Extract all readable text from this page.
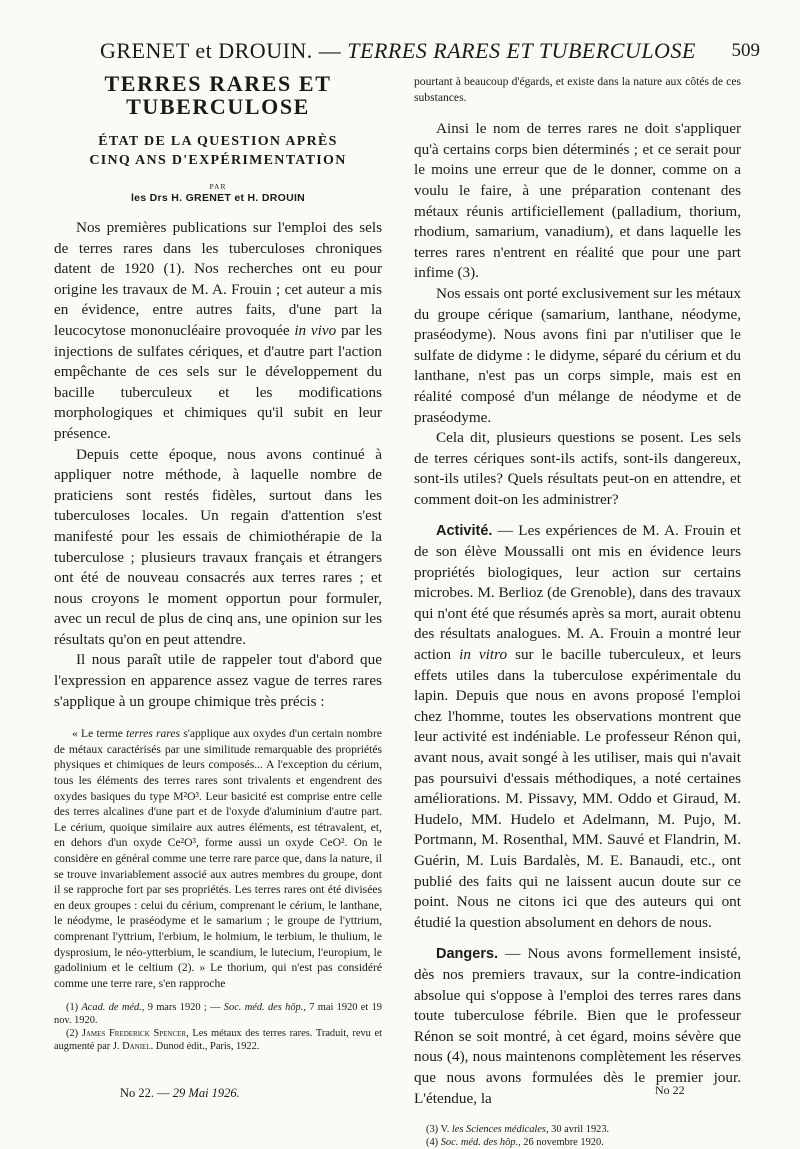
GRENET et DROUIN. — TERRES RARES ET TUBERCULOSE 509
TERRES RARES ET
TUBERCULOSE
ÉTAT DE LA QUESTION APRÈS
CINQ ANS D'EXPÉRIMENTATION
PAR
les Drs H. GRENET et H. DROUIN

Nos premières publications sur l'emploi des sels de terres rares dans les tuberculoses chroniques datent de 1920 (1). Nos recherches ont eu pour origine les travaux de M. A. Frouin ; cet auteur a mis en évidence, entre autres faits, d'une part la leucocytose mononucléaire provoquée in vivo par les injections de sulfates cériques, et d'autre part l'action empêchante de ces sels sur le développement du bacille tuberculeux et les modifications morphologiques et chimiques qu'il subit en leur présence.

Depuis cette époque, nous avons continué à appliquer notre méthode, à laquelle nombre de praticiens sont restés fidèles, surtout dans les tuberculoses locales. Un regain d'attention s'est manifesté pour les essais de chimiothérapie de la tuberculose ; plusieurs travaux français et étrangers ont été de nouveau consacrés aux terres rares ; et nous croyons le moment opportun pour formuler, avec un recul de plus de cinq ans, une opinion sur les résultats qu'on en peut attendre.

Il nous paraît utile de rappeler tout d'abord que l'expression en apparence assez vague de terres rares s'applique à un groupe chimique très précis :

« Le terme terres rares s'applique aux oxydes d'un certain nombre de métaux caractérisés par une similitude remarquable des propriétés physiques et chimiques de leurs composés... A l'exception du cérium, tous les éléments des terres rares sont trivalents et engendrent des oxydes basiques du type M²O³. Leur basicité est comprise entre celle des terres alcalines d'une part et de l'oxyde d'aluminium d'autre part. Le cérium, quoique similaire aux autres éléments, est tétravalent, et, en dehors d'un oxyde Ce²O³, forme aussi un oxyde CeO². On le considère en général comme une terre rare parce que, dans la nature, il se trouve invariablement associé aux autres membres du groupe, dont il se rapproche fort par ses propriétés. Les terres rares ont été divisées en deux groupes : celui du cérium, comprenant le cérium, le lanthane, le néodyme, le praséodyme et le samarium ; le groupe de l'yttrium, comprenant l'yttrium, l'erbium, le holmium, le terbium, le thulium, le dysprosium, le néo-ytterbium, le scandium, le lutecium, l'europium, le gadolinium et le celtium (2). » Le thorium, qui n'est pas considéré comme une terre rare, s'en rapproche

(1) Acad. de méd., 9 mars 1920 ; — Soc. méd. des hôp., 7 mai 1920 et 19 nov. 1920.

(2) James Frederick Spencer, Les métaux des terres rares. Traduit, revu et augmenté par J. Daniel. Dunod édit., Paris, 1922.

pourtant à beaucoup d'égards, et existe dans la nature aux côtés de ces substances.

Ainsi le nom de terres rares ne doit s'appliquer qu'à certains corps bien déterminés ; et ce serait pour le moins une erreur que de le donner, comme on a voulu le faire, à une préparation contenant des métaux réunis artificiellement (palladium, thorium, rhodium, samarium, vanadium), et dans laquelle les terres rares n'entrent en réalité que pour une part infime (3).

Nos essais ont porté exclusivement sur les métaux du groupe cérique (samarium, lanthane, néodyme, praséodyme). Nous avons fini par n'utiliser que le sulfate de didyme : le didyme, séparé du cérium et du lanthane, n'est pas un corps simple, mais est en réalité composé d'un mélange de néodyme et de praséodyme.

Cela dit, plusieurs questions se posent. Les sels de terres cériques sont-ils actifs, sont-ils dangereux, sont-ils utiles? Quels résultats peut-on en attendre, et comment doit-on les administrer?

Activité. — Les expériences de M. A. Frouin et de son élève Moussalli ont mis en évidence leurs propriétés biologiques, leur action sur certains microbes. M. Berlioz (de Grenoble), dans des travaux qui n'ont été que résumés après sa mort, aurait obtenu des résultats analogues. M. A. Frouin a montré leur action in vitro sur le bacille tuberculeux, et leurs effets utiles dans la tuberculose expérimentale du lapin. Depuis que nous en avons proposé l'emploi chez l'homme, toutes les observations montrent que leur activité est indéniable. Le professeur Rénon qui, avant nous, avait songé à les utiliser, mais qui n'avait pas poursuivi d'essais méthodiques, a noté certaines améliorations. M. Pissavy, MM. Oddo et Giraud, M. Hudelo, MM. Hudelo et Adelmann, M. Pujo, M. Portmann, M. Rosenthal, MM. Sauvé et Flandrin, M. Guérin, M. Luis Bardalès, M. E. Banaudi, etc., ont publié des faits qui ne laissent aucun doute sur ce point. Nous ne citons ici que des auteurs qui ont étudié la question absolument en dehors de nous.

Dangers. — Nous avons formellement insisté, dès nos premiers travaux, sur la contre-indication absolue qui s'oppose à l'emploi des terres rares dans toute tuberculose fébrile. Bien que le professeur Rénon se soit montré, à cet égard, moins sévère que nous (4), nous maintenons complètement les réserves que nous avons formulées dès le premier jour. L'étendue, la

(3) V. les Sciences médicales, 30 avril 1923.

(4) Soc. méd. des hôp., 26 novembre 1920.

No 22. — 29 Mai 1926.	No 22
